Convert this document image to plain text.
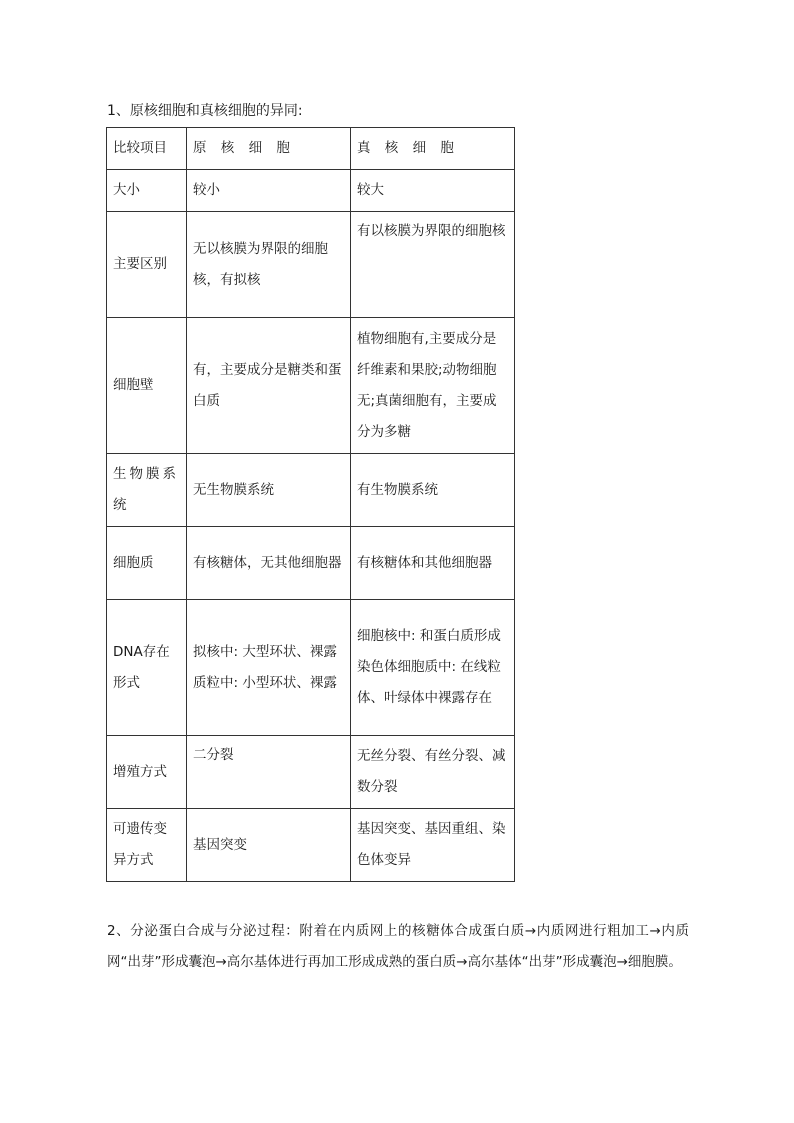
1、原核细胞和真核细胞的异同:
比较项目	原 核 细 胞	真 核 细 胞
大小	较小	较大
主要区别	无以核膜为界限的细胞核，有拟核	有以核膜为界限的细胞核
细胞壁	有，主要成分是糖类和蛋白质	植物细胞有,主要成分是纤维素和果胶;动物细胞无;真菌细胞有，主要成分为多糖
生物膜系统	无生物膜系统	有生物膜系统
细胞质	有核糖体，无其他细胞器	有核糖体和其他细胞器
DNA存在形式	拟核中: 大型环状、裸露质粒中: 小型环状、裸露	细胞核中: 和蛋白质形成染色体细胞质中: 在线粒体、叶绿体中裸露存在
增殖方式	二分裂	无丝分裂、有丝分裂、减数分裂
可遗传变异方式	基因突变	基因突变、基因重组、染色体变异
2、分泌蛋白合成与分泌过程：附着在内质网上的核糖体合成蛋白质→内质网进行粗加工→内质网“出芽”形成囊泡→高尔基体进行再加工形成成熟的蛋白质→高尔基体“出芽”形成囊泡→细胞膜。
